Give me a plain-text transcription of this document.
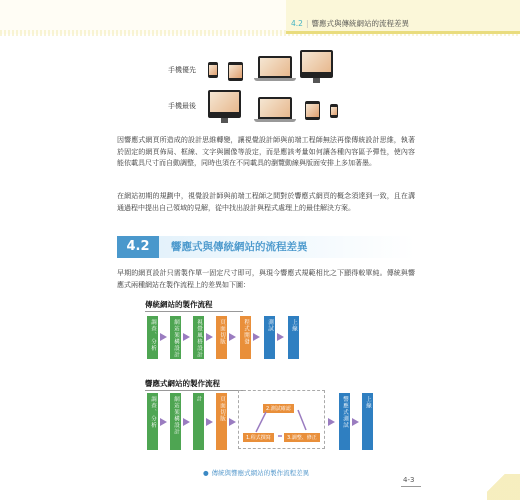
4.2 | 響應式與傳統網站的流程差異
手機優先
手機最後
因響應式網頁所造成的設計思維轉變，讓視覺設計師與前端工程師無法再像傳統設計思維，執著於固定的網頁佈局、框線、文字與圖像等設定，而是應該考量如何讓各種內容區予彈性，使內容能依載具尺寸而自動調整，同時也須在不同載具的瀏覽動線與版面安排上多加著墨。
在網站初期的規劃中，視覺設計師與前端工程師之間對於響應式網頁的概念須達到一致，且在溝通過程中提出自己領域的見解，從中找出設計與程式處理上的最佳解決方案。
4.2	響應式與傳統網站的流程差異
早期的網頁設計只需製作單一固定尺寸即可，與現今響應式規範相比之下顯得較單純。傳統與響應式兩種網站在製作流程上的差異如下圖：
傳統網站的製作流程
調查、分析	網站架構設計	視覺風格設計	頁面切版	程式開發	測試	上線
響應式網站的製作流程
調查、分析	網站架構設計	各裝置頁面視覺風格設計	頁面切版	2.測試確認
1.程式撰寫	3.調整、修正
響應式測試	上線
● 傳統與響應式網站的製作流程差異
4-3
